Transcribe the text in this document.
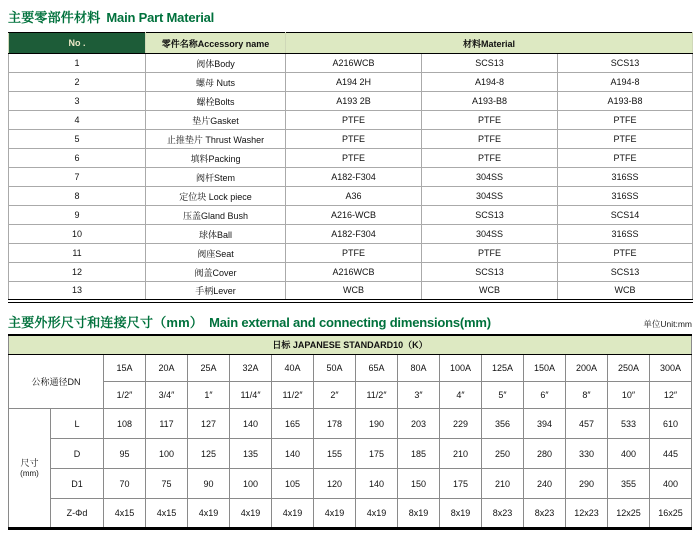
主要零部件材料 Main Part Material
No .	零件名称Accessory name	材料Material		
1	阀体Body	A216WCB	SCS13	SCS13
2	螺母 Nuts	A194 2H	A194-8	A194-8
3	螺栓Bolts	A193 2B	A193-B8	A193-B8
4	垫片Gasket	PTFE	PTFE	PTFE
5	止推垫片 Thrust Washer	PTFE	PTFE	PTFE
6	填料Packing	PTFE	PTFE	PTFE
7	阀杆Stem	A182-F304	304SS	316SS
8	定位块 Lock piece	A36	304SS	316SS
9	压盖Gland Bush	A216-WCB	SCS13	SCS14
10	球体Ball	A182-F304	304SS	316SS
11	阀座Seat	PTFE	PTFE	PTFE
12	阀盖Cover	A216WCB	SCS13	SCS13
13	手柄Lever	WCB	WCB	WCB
主要外形尺寸和连接尺寸（mm） Main external and connecting dimensions(mm)	单位Unit:mm
日标 JAPANESE STANDARD10（K）															
公称通径DN		15A	20A	25A	32A	40A	50A	65A	80A	100A	125A	150A	200A	250A	300A
		1/2″	3/4″	1″	11/4″	11/2″	2″	11/2″	3″	4″	5″	6″	8″	10″	12″

尺寸
(mm)	L	108	117	127	140	165	178	190	203	229	356	394	457	533	610
	D	95	100	125	135	140	155	175	185	210	250	280	330	400	445
	D1	70	75	90	100	105	120	140	150	175	210	240	290	355	400
	Z-Φd	4x15	4x15	4x19	4x19	4x19	4x19	4x19	8x19	8x19	8x23	8x23	12x23	12x25	16x25
